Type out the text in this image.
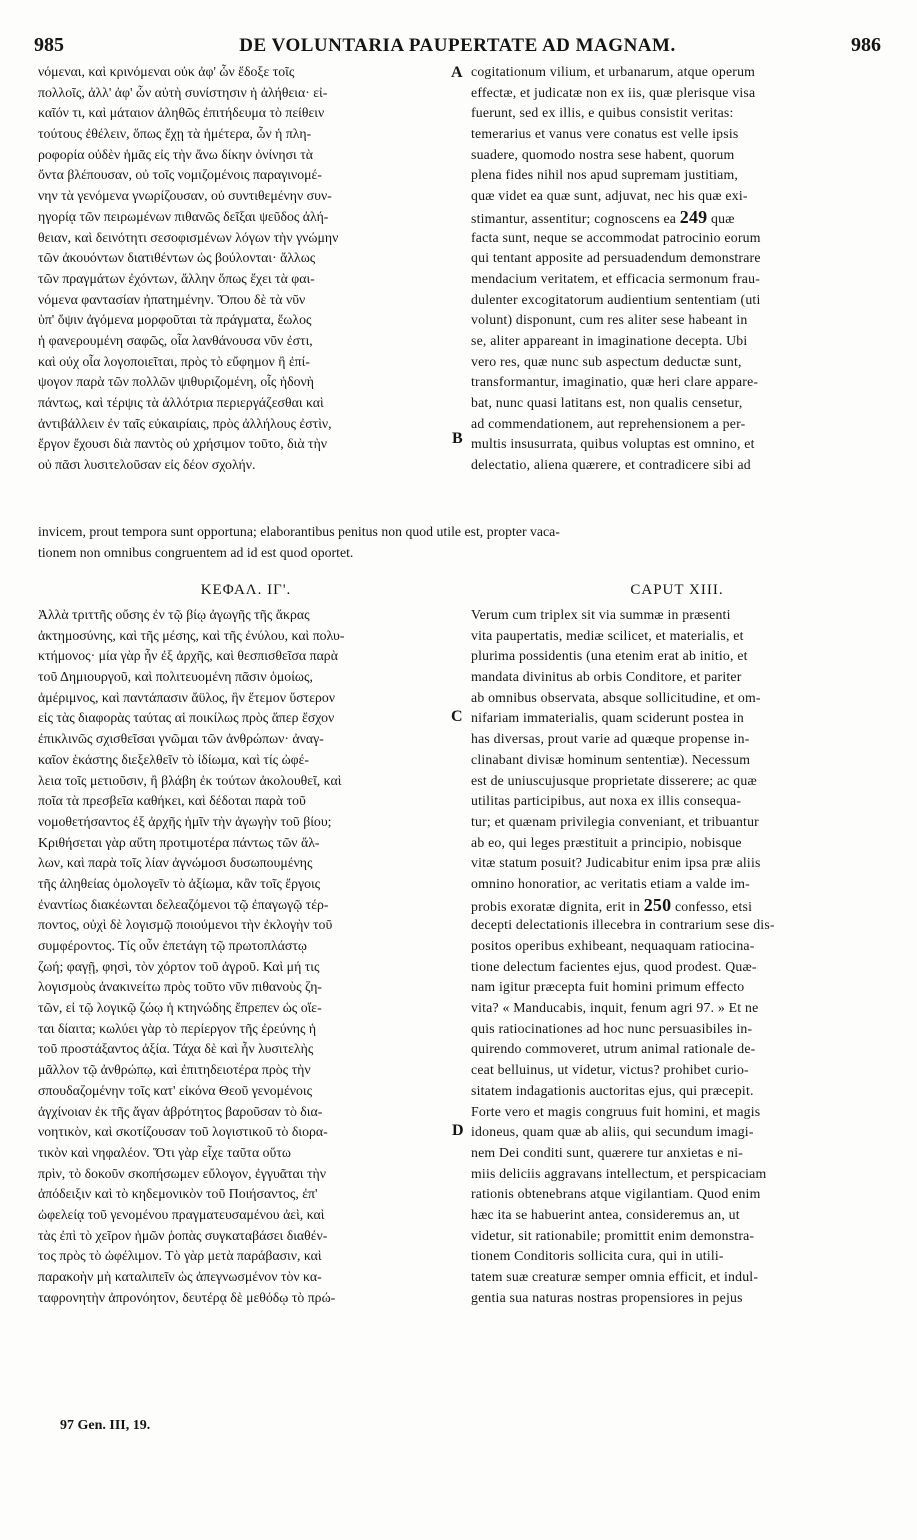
985	DE VOLUNTARIA PAUPERTATE AD MAGNAM.	986
A
B
C
D
νόμεναι, καὶ κρινόμεναι οὐκ ἀφ' ὧν ἔδοξε τοῖς
πολλοῖς, ἀλλ' ἀφ' ὧν αὐτὴ συνίστησιν ἡ ἀλήθεια· εἰ-
καῖόν τι, καὶ μάταιον ἀληθῶς ἐπιτήδευμα τὸ πείθειν
τούτους ἐθέλειν, ὅπως ἔχῃ τὰ ἡμέτερα, ὧν ἡ πλη-
ροφορία οὐδὲν ἡμᾶς εἰς τὴν ἄνω δίκην ὀνίνησι τὰ
ὄντα βλέπουσαν, οὐ τοῖς νομιζομένοις παραγινομέ-
νην τὰ γενόμενα γνωρίζουσαν, οὐ συντιθεμένην συν-
ηγορίᾳ τῶν πειρωμένων πιθανῶς δεῖξαι ψεῦδος ἀλή-
θειαν, καὶ δεινότητι σεσοφισμένων λόγων τὴν γνώμην
τῶν ἀκουόντων διατιθέντων ὡς βούλονται· ἄλλως
τῶν πραγμάτων ἐχόντων, ἄλλην ὅπως ἔχει τὰ φαι-
νόμενα φαντασίαν ἠπατημένην. Ὅπου δὲ τὰ νῦν
ὑπ' ὄψιν ἀγόμενα μορφοῦται τὰ πράγματα, ἕωλος
ἡ φανερουμένη σαφῶς, οἷα λανθάνουσα νῦν ἐστι,
καὶ οὐχ οἷα λογοποιεῖται, πρὸς τὸ εὔφημον ἢ ἐπί-
ψογον παρὰ τῶν πολλῶν ψιθυριζομένη, οἷς ἡδονὴ
πάντως, καὶ τέρψις τὰ ἀλλότρια περιεργάζεσθαι καὶ
ἀντιβάλλειν ἐν ταῖς εὐκαιρίαις, πρὸς ἀλλήλους ἐστὶν,
ἔργον ἔχουσι διὰ παντὸς οὐ χρήσιμον τοῦτο, διὰ τὴν
οὐ πᾶσι λυσιτελοῦσαν εἰς δέον σχολήν.
cogitationum vilium, et urbanarum, atque operum
effectæ, et judicatæ non ex iis, quæ plerisque visa
fuerunt, sed ex illis, e quibus consistit veritas:
temerarius et vanus vere conatus est velle ipsis
suadere, quomodo nostra sese habent, quorum
plena fides nihil nos apud supremam justitiam,
quæ videt ea quæ sunt, adjuvat, nec his quæ exi-
stimantur, assentitur; cognoscens ea 249 quæ
facta sunt, neque se accommodat patrocinio eorum
qui tentant apposite ad persuadendum demonstrare
mendacium veritatem, et efficacia sermonum frau-
dulenter excogitatorum audientium sententiam (uti
volunt) disponunt, cum res aliter sese habeant in
se, aliter appareant in imaginatione decepta. Ubi
vero res, quæ nunc sub aspectum deductæ sunt,
transformantur, imaginatio, quæ heri clare appare-
bat, nunc quasi latitans est, non qualis censetur,
ad commendationem, aut reprehensionem a per-
multis insusurrata, quibus voluptas est omnino, et
delectatio, aliena quærere, et contradicere sibi ad
invicem, prout tempora sunt opportuna; elaborantibus penitus non quod utile est, propter vaca-
tionem non omnibus congruentem ad id est quod oportet.
ΚΕΦΑΛ. ΙΓ'.	CAPUT XIII.
Ἀλλὰ τριττῆς οὔσης ἐν τῷ βίῳ ἀγωγῆς τῆς ἄκρας
ἀκτημοσύνης, καὶ τῆς μέσης, καὶ τῆς ἐνύλου, καὶ πολυ-
κτήμονος· μία γὰρ ἦν ἐξ ἀρχῆς, καὶ θεσπισθεῖσα παρὰ
τοῦ Δημιουργοῦ, καὶ πολιτευομένη πᾶσιν ὁμοίως,
ἀμέριμνος, καὶ παντάπασιν ἄϋλος, ἣν ἕτεμον ὕστερον
εἰς τὰς διαφορὰς ταύτας αἱ ποικίλως πρὸς ἅπερ ἔσχον
ἐπικλινῶς σχισθεῖσαι γνῶμαι τῶν ἀνθρώπων· ἀναγ-
καῖον ἑκάστης διεξελθεῖν τὸ ἰδίωμα, καὶ τίς ὠφέ-
λεια τοῖς μετιοῦσιν, ἢ βλάβη ἐκ τούτων ἀκολουθεῖ, καὶ
ποῖα τὰ πρεσβεῖα καθήκει, καὶ δέδοται παρὰ τοῦ
νομοθετήσαντος ἐξ ἀρχῆς ἡμῖν τὴν ἀγωγὴν τοῦ βίου;
Κριθήσεται γὰρ αὕτη προτιμοτέρα πάντως τῶν ἄλ-
λων, καὶ παρὰ τοῖς λίαν ἀγνώμοσι δυσωπουμένης
τῆς ἀληθείας ὁμολογεῖν τὸ ἀξίωμα, κἂν τοῖς ἔργοις
ἐναντίως διακέωνται δελεαζόμενοι τῷ ἐπαγωγῷ τέρ-
ποντος, οὐχὶ δὲ λογισμῷ ποιούμενοι τὴν ἐκλογὴν τοῦ
συμφέροντος. Τίς οὖν ἐπετάγη τῷ πρωτοπλάστῳ
ζωή; φαγῇ, φησὶ, τὸν χόρτον τοῦ ἀγροῦ. Καὶ μή τις
λογισμοὺς ἀνακινείτω πρὸς τοῦτο νῦν πιθανοὺς ζη-
τῶν, εἰ τῷ λογικῷ ζώῳ ἡ κτηνώδης ἔπρεπεν ὡς οἴε-
ται δίαιτα; κωλύει γὰρ τὸ περίεργον τῆς ἐρεύνης ἡ
τοῦ προστάξαντος ἀξία. Τάχα δὲ καὶ ἦν λυσιτελὴς
μᾶλλον τῷ ἀνθρώπῳ, καὶ ἐπιτηδειοτέρα πρὸς τὴν
σπουδαζομένην τοῖς κατ' εἰκόνα Θεοῦ γενομένοις
ἀγχίνοιαν ἐκ τῆς ἄγαν ἁβρότητος βαροῦσαν τὸ δια-
νοητικὸν, καὶ σκοτίζουσαν τοῦ λογιστικοῦ τὸ διορα-
τικὸν καὶ νηφαλέον. Ὅτι γὰρ εἶχε ταῦτα οὕτω
πρὶν, τὸ δοκοῦν σκοπήσωμεν εὔλογον, ἐγγυᾶται τὴν
ἀπόδειξιν καὶ τὸ κηδεμονικὸν τοῦ Ποιήσαντος, ἐπ'
ὠφελείᾳ τοῦ γενομένου πραγματευσαμένου ἀεὶ, καὶ
τὰς ἐπὶ τὸ χεῖρον ἡμῶν ῥοπὰς συγκαταβάσει διαθέν-
τος πρὸς τὸ ὠφέλιμον. Τὸ γὰρ μετὰ παράβασιν, καὶ
παρακοὴν μὴ καταλιπεῖν ὡς ἀπεγνωσμένον τὸν κα-
ταφρονητὴν ἀπρονόητον, δευτέρᾳ δὲ μεθόδῳ τὸ πρώ-
Verum cum triplex sit via summæ in præsenti
vita paupertatis, mediæ scilicet, et materialis, et
plurima possidentis (una etenim erat ab initio, et
mandata divinitus ab orbis Conditore, et pariter
ab omnibus observata, absque sollicitudine, et om-
nifariam immaterialis, quam sciderunt postea in
has diversas, prout varie ad quæque propense in-
clinabant divisæ hominum sententiæ). Necessum
est de uniuscujusque proprietate disserere; ac quæ
utilitas participibus, aut noxa ex illis consequa-
tur; et quænam privilegia conveniant, et tribuantur
ab eo, qui leges præstituit a principio, nobisque
vitæ statum posuit? Judicabitur enim ipsa præ aliis
omnino honoratior, ac veritatis etiam a valde im-
probis exoratæ dignita, erit in 250 confesso, etsi
decepti delectationis illecebra in contrarium sese dis-
positos operibus exhibeant, nequaquam ratiocina-
tione delectum facientes ejus, quod prodest. Quæ-
nam igitur præcepta fuit homini primum effecto
vita? « Manducabis, inquit, fenum agri 97. » Et ne
quis ratiocinationes ad hoc nunc persuasibiles in-
quirendo commoveret, utrum animal rationale de-
ceat belluinus, ut videtur, victus? prohibet curio-
sitatem indagationis auctoritas ejus, qui præcepit.
Forte vero et magis congruus fuit homini, et magis
idoneus, quam quæ ab aliis, qui secundum imagi-
nem Dei conditi sunt, quærere tur anxietas e ni-
miis deliciis aggravans intellectum, et perspicaciam
rationis obtenebrans atque vigilantiam. Quod enim
hæc ita se habuerint antea, consideremus an, ut
videtur, sit rationabile; promittit enim demonstra-
tionem Conditoris sollicita cura, qui in utili-
tatem suæ creaturæ semper omnia efficit, et indul-
gentia sua naturas nostras propensiores in pejus
97 Gen. III, 19.
